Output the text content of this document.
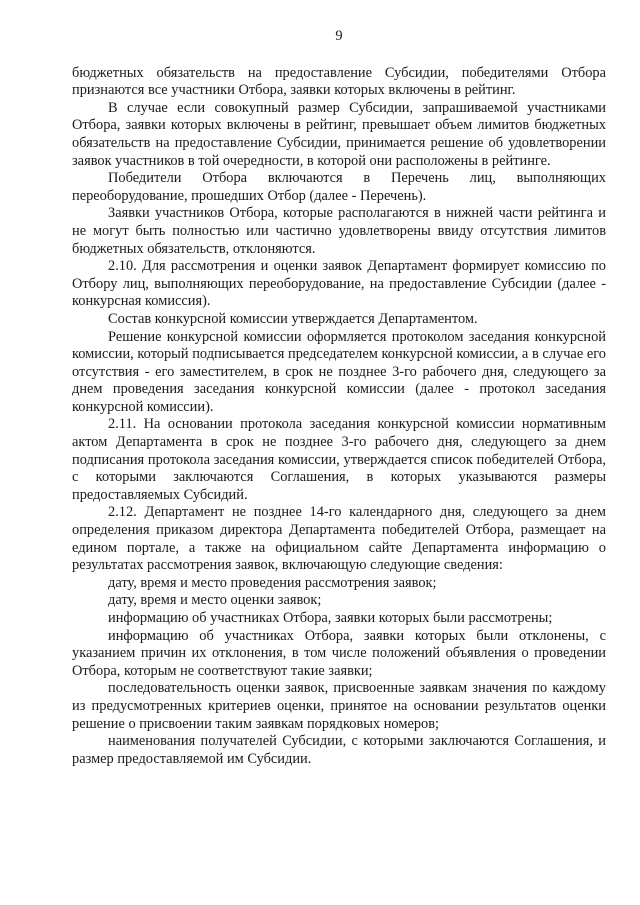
9

бюджетных обязательств на предоставление Субсидии, победителями Отбора признаются все участники Отбора, заявки которых включены в рейтинг.

В случае если совокупный размер Субсидии, запрашиваемой участниками Отбора, заявки которых включены в рейтинг, превышает объем лимитов бюджетных обязательств на предоставление Субсидии, принимается решение об удовлетворении заявок участников в той очередности, в которой они расположены в рейтинге.

Победители Отбора включаются в Перечень лиц, выполняющих переоборудование, прошедших Отбор (далее - Перечень).

Заявки участников Отбора, которые располагаются в нижней части рейтинга и не могут быть полностью или частично удовлетворены ввиду отсутствия лимитов бюджетных обязательств, отклоняются.

2.10. Для рассмотрения и оценки заявок Департамент формирует комиссию по Отбору лиц, выполняющих переоборудование, на предоставление Субсидии (далее - конкурсная комиссия).

Состав конкурсной комиссии утверждается Департаментом.

Решение конкурсной комиссии оформляется протоколом заседания конкурсной комиссии, который подписывается председателем конкурсной комиссии, а в случае его отсутствия - его заместителем, в срок не позднее 3-го рабочего дня, следующего за днем проведения заседания конкурсной комиссии (далее - протокол заседания конкурсной комиссии).

2.11. На основании протокола заседания конкурсной комиссии нормативным актом Департамента в срок не позднее 3-го рабочего дня, следующего за днем подписания протокола заседания комиссии, утверждается список победителей Отбора, с которыми заключаются Соглашения, в которых указываются размеры предоставляемых Субсидий.

2.12. Департамент не позднее 14-го календарного дня, следующего за днем определения приказом директора Департамента победителей Отбора, размещает на едином портале, а также на официальном сайте Департамента информацию о результатах рассмотрения заявок, включающую следующие сведения:

дату, время и место проведения рассмотрения заявок;

дату, время и место оценки заявок;

информацию об участниках Отбора, заявки которых были рассмотрены;

информацию об участниках Отбора, заявки которых были отклонены, с указанием причин их отклонения, в том числе положений объявления о проведении Отбора, которым не соответствуют такие заявки;

последовательность оценки заявок, присвоенные заявкам значения по каждому из предусмотренных критериев оценки, принятое на основании результатов оценки решение о присвоении таким заявкам порядковых номеров;

наименования получателей Субсидии, с которыми заключаются Соглашения, и размер предоставляемой им Субсидии.
